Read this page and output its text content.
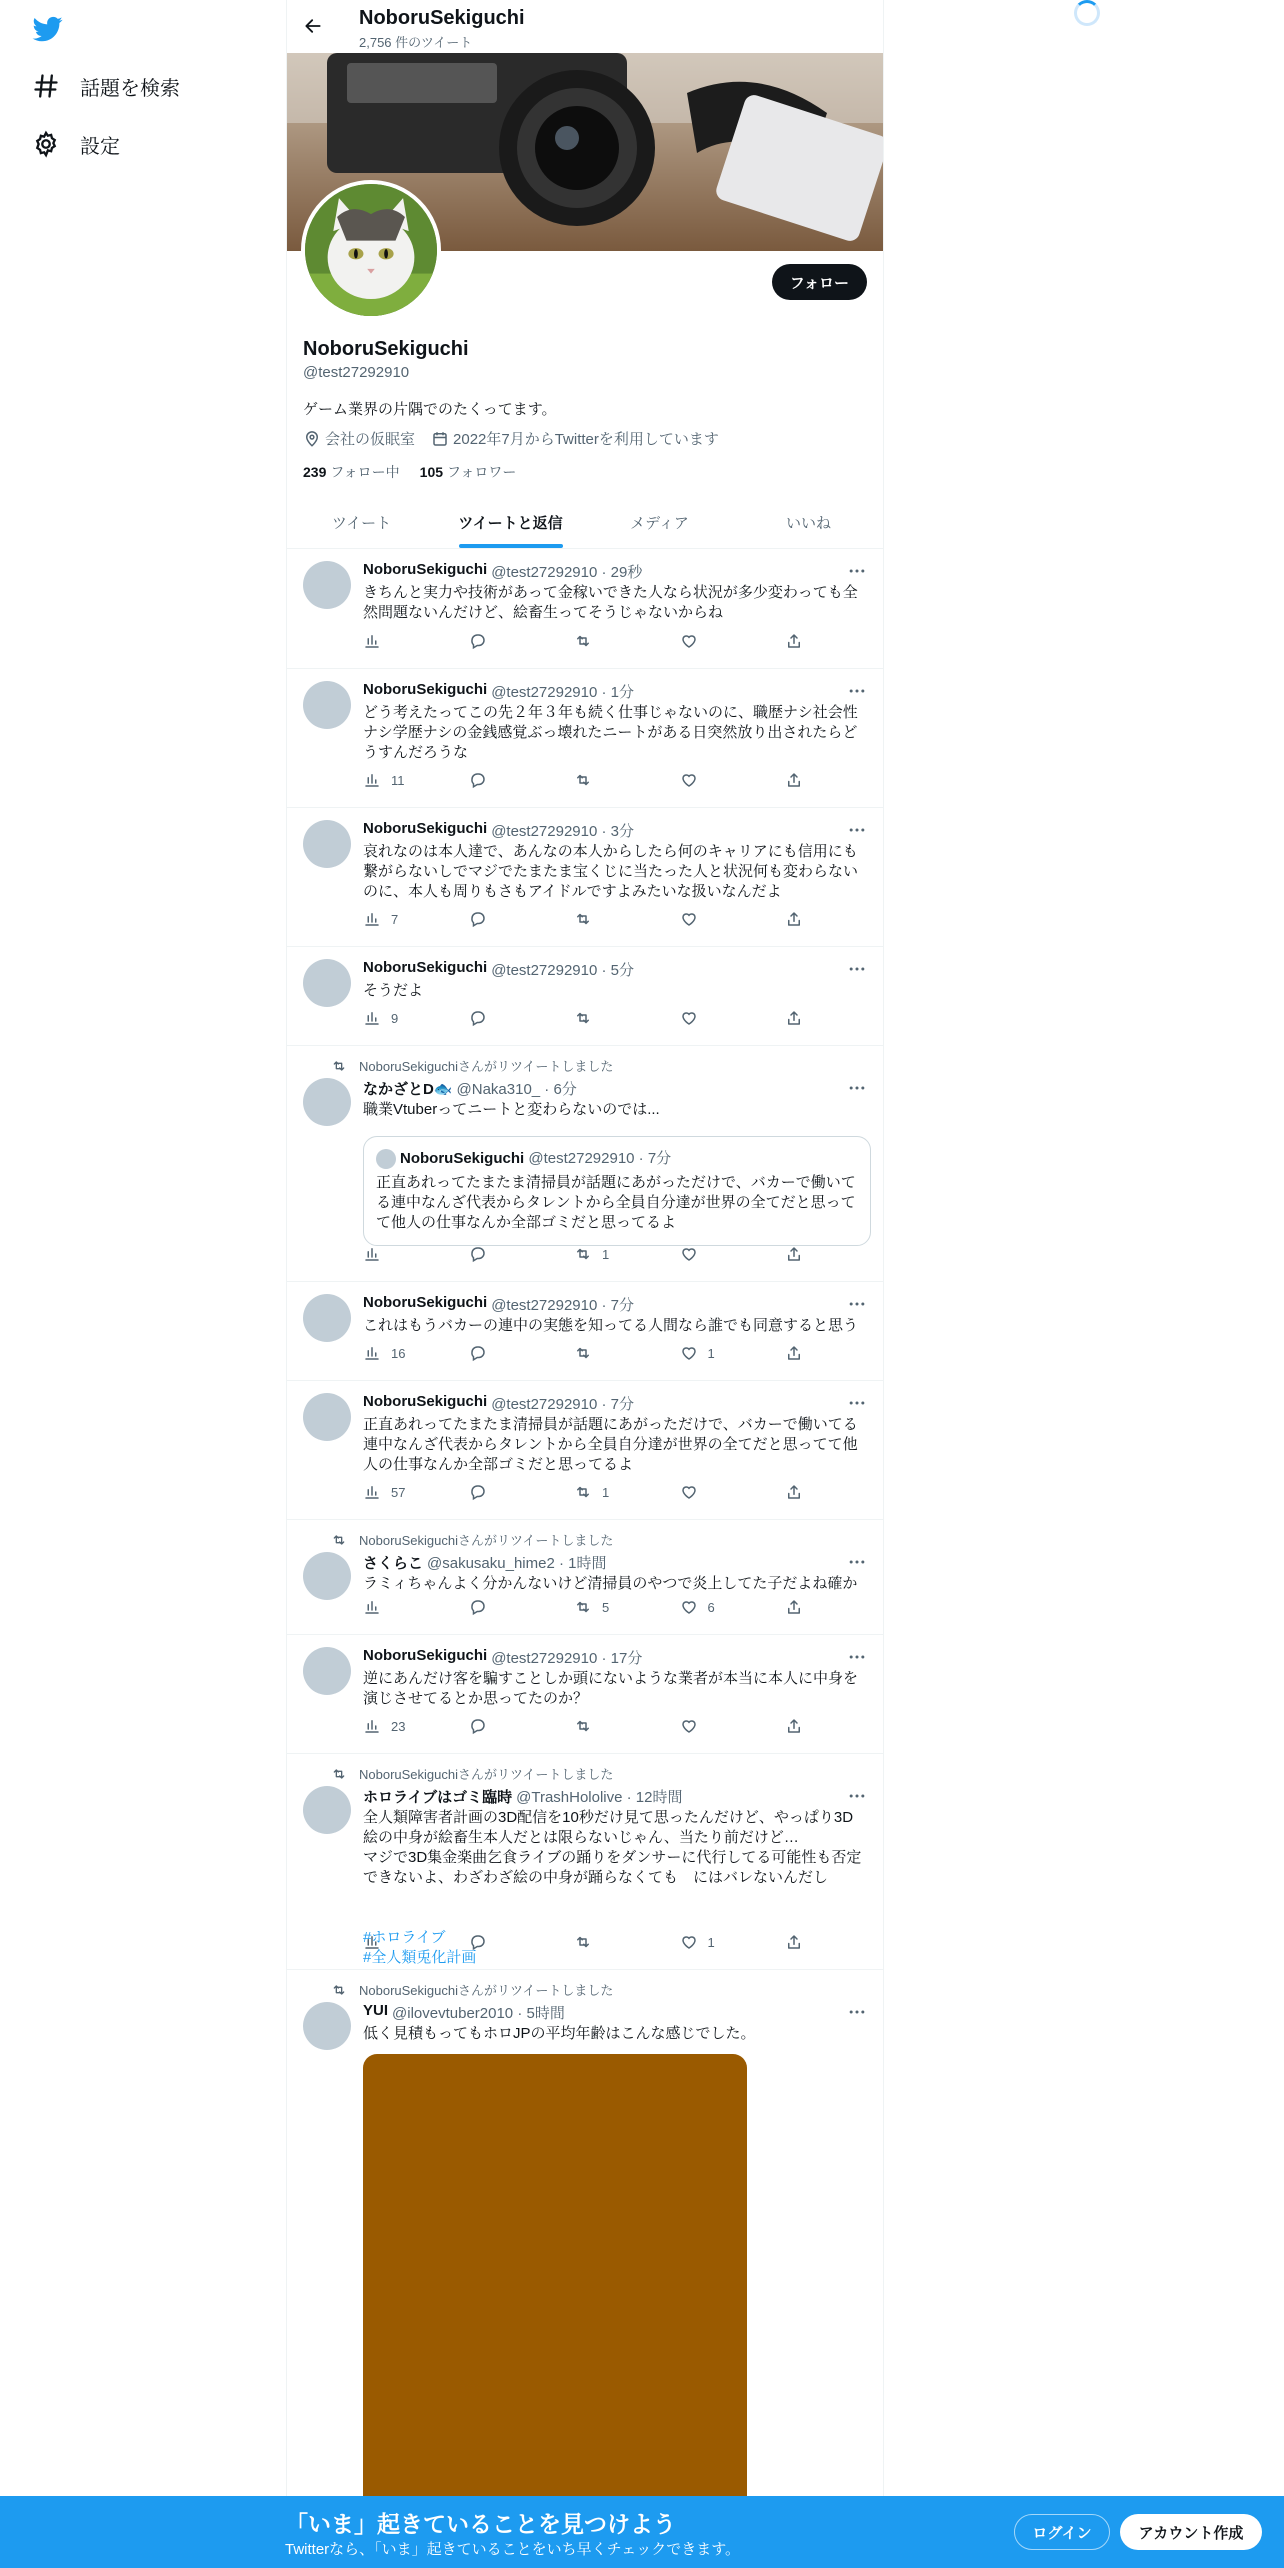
話題を検索
設定
NoboruSekiguchi
2,756 件のツイート
フォロー
NoboruSekiguchi
@test27292910
ゲーム業界の片隅でのたくってます。
会社の仮眠室	2022年7月からTwitterを利用しています
239 フォロー中 105 フォロワー
ツイート	ツイートと返信	メディア	いいね
NoboruSekiguchi @test27292910 · 29秒
きちんと実力や技術があって金稼いできた人なら状況が多少変わっても全然問題ないんだけど、絵畜生ってそうじゃないからね
NoboruSekiguchi @test27292910 · 1分
どう考えたってこの先２年３年も続く仕事じゃないのに、職歴ナシ社会性ナシ学歴ナシの金銭感覚ぶっ壊れたニートがある日突然放り出されたらどうすんだろうな
11
NoboruSekiguchi @test27292910 · 3分
哀れなのは本人達で、あんなの本人からしたら何のキャリアにも信用にも繋がらないしでマジでたまたま宝くじに当たった人と状況何も変わらないのに、本人も周りもさもアイドルですよみたいな扱いなんだよ
7
NoboruSekiguchi @test27292910 · 5分
そうだよ
9
NoboruSekiguchiさんがリツイートしました
なかざとD🐟 @Naka310_ · 6分
職業Vtuberってニートと変わらないのでは...
NoboruSekiguchi @test27292910 · 7分
正直あれってたまたま清掃員が話題にあがっただけで、バカーで働いてる連中なんざ代表からタレントから全員自分達が世界の全てだと思ってて他人の仕事なんか全部ゴミだと思ってるよ
1
NoboruSekiguchi @test27292910 · 7分
これはもうバカーの連中の実態を知ってる人間なら誰でも同意すると思う
16	1
NoboruSekiguchi @test27292910 · 7分
正直あれってたまたま清掃員が話題にあがっただけで、バカーで働いてる連中なんざ代表からタレントから全員自分達が世界の全てだと思ってて他人の仕事なんか全部ゴミだと思ってるよ
57	1
NoboruSekiguchiさんがリツイートしました
さくらこ @sakusaku_hime2 · 1時間
ラミィちゃんよく分かんないけど清掃員のやつで炎上してた子だよね確か
5	6
NoboruSekiguchi @test27292910 · 17分
逆にあんだけ客を騙すことしか頭にないような業者が本当に本人に中身を演じさせてるとか思ってたのか？
23
NoboruSekiguchiさんがリツイートしました
ホロライブはゴミ臨時 @TrashHololive · 12時間
全人類障害者計画の3D配信を10秒だけ見て思ったんだけど、やっぱり3D絵の中身が絵畜生本人だとは限らないじゃん、当たり前だけど…
マジで3D集金楽曲乞食ライブの踊りをダンサーに代行してる可能性も否定できないよ、わざわざ絵の中身が踊らなくても　にはバレないんだし
#ホロライブ
#全人類兎化計画
1
NoboruSekiguchiさんがリツイートしました
YUI @ilovevtuber2010 · 5時間
低く見積もってもホロJPの平均年齢はこんな感じでした。
「いま」起きていることを見つけよう
Twitterなら、「いま」起きていることをいち早くチェックできます。
ログイン	アカウント作成
